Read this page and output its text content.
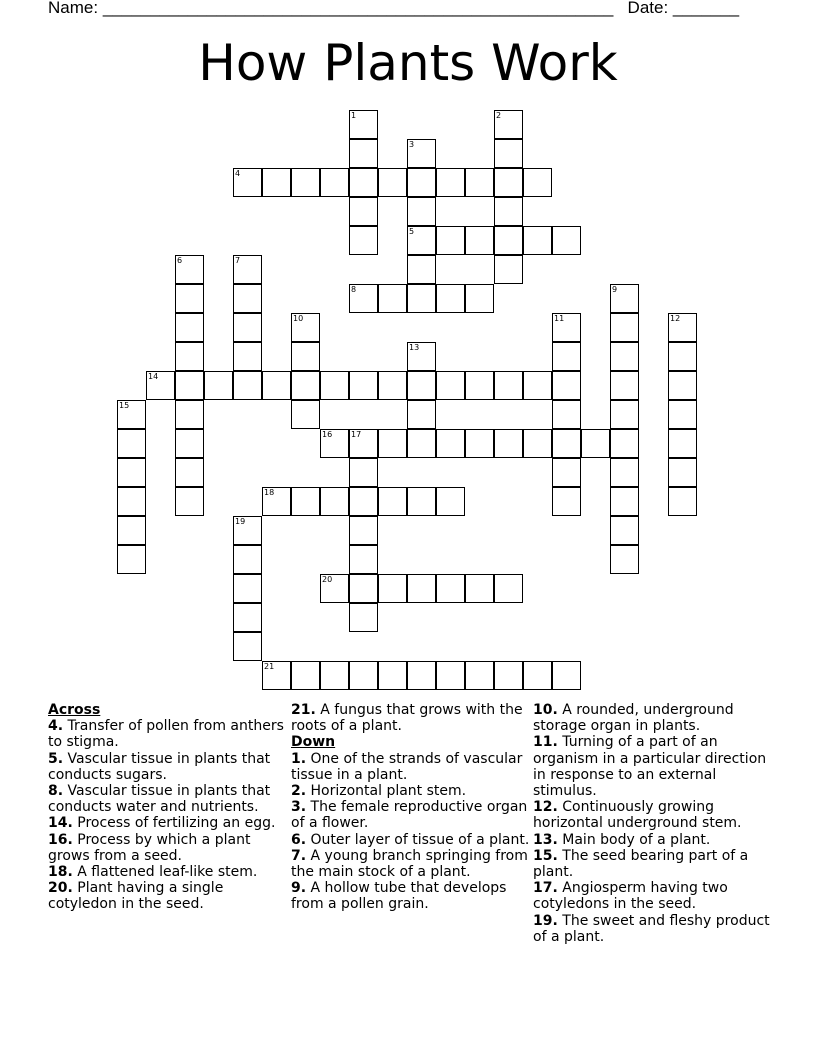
Name: ______________________________________________________ Date: _______
How Plants Work
1	2
3
5
4
6	7
8	9
10	11	12
13
14
15
16 17
18
19
20
21
Across
4. Transfer of pollen from anthers to stigma.
5. Vascular tissue in plants that conducts sugars.
8. Vascular tissue in plants that conducts water and nutrients.
14. Process of fertilizing an egg.
16. Process by which a plant grows from a seed.
18. A flattened leaf-like stem.
20. Plant having a single cotyledon in the seed.
21. A fungus that grows with the roots of a plant.
Down
1. One of the strands of vascular tissue in a plant.
2. Horizontal plant stem.
3. The female reproductive organ of a flower.
6. Outer layer of tissue of a plant.
7. A young branch springing from the main stock of a plant.
9. A hollow tube that develops from a pollen grain.
10. A rounded, underground storage organ in plants.
11. Turning of a part of an organism in a particular direction in response to an external stimulus.
12. Continuously growing horizontal underground stem.
13. Main body of a plant.
15. The seed bearing part of a plant.
17. Angiosperm having two cotyledons in the seed.
19. The sweet and fleshy product of a plant.
